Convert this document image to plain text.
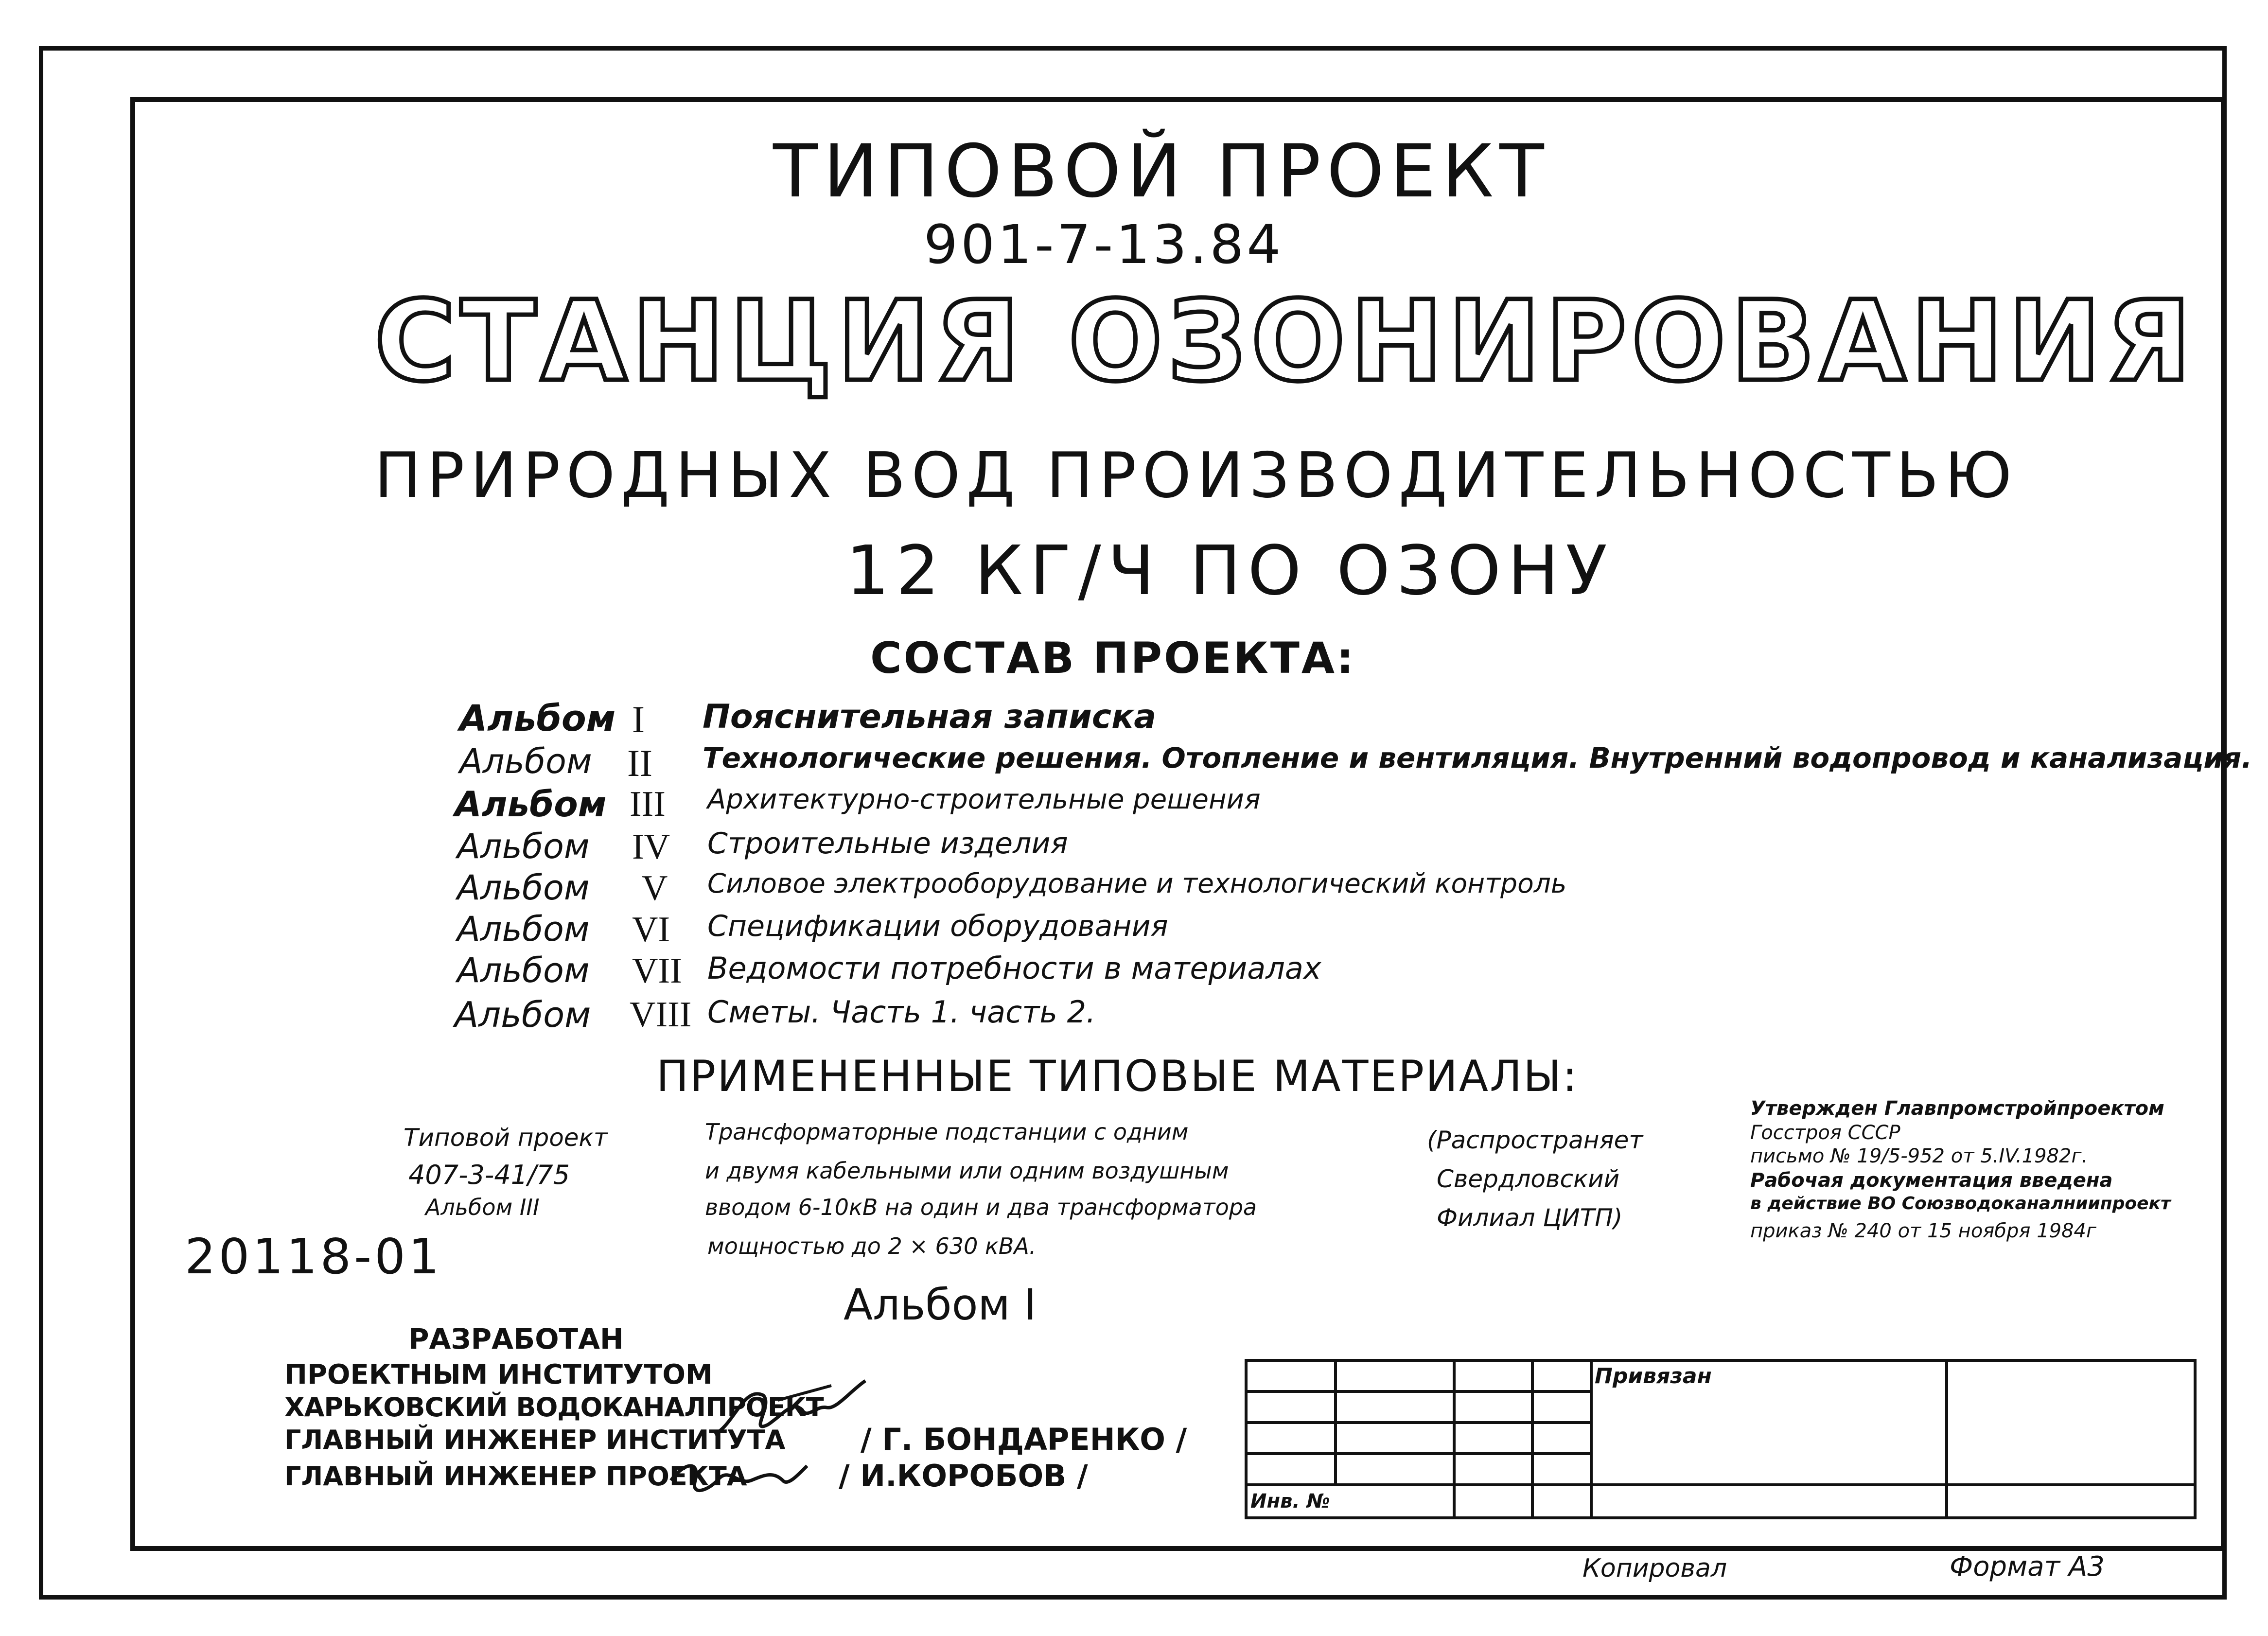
ТИПОВОЙ ПРОЕКТ
901-7-13.84
СТАНЦИЯ ОЗОНИРОВАНИЯ
ПРИРОДНЫХ ВОД ПРОИЗВОДИТЕЛЬНОСТЬЮ
12 КГ/Ч ПО ОЗОНУ
СОСТАВ ПРОЕКТА:
Альбом I Пояснительная записка
Альбом II Технологические решения. Отопление и вентиляция. Внутренний водопровод и канализация.
Альбом III Архитектурно-строительные решения
Альбом IV Строительные изделия
Альбом V Силовое электрооборудование и технологический контроль
Альбом VI Спецификации оборудования
Альбом VII Ведомости потребности в материалах
Альбом VIII Сметы. Часть 1. часть 2.
ПРИМЕНЕННЫЕ ТИПОВЫЕ МАТЕРИАЛЫ:
Типовой проект
407-3-41/75
Альбом III
Трансформаторные подстанции с одним
и двумя кабельными или одним воздушным
вводом 6-10кВ на один и два трансформатора
мощностью до 2 × 630 кВА.
(Распространяет
Свердловский
Филиал ЦИТП)
Утвержден Главпромстройпроектом
Госстроя СССР
письмо № 19/5-952 от 5.IV.1982г.
Рабочая документация введена
в действие ВО Союзводоканалниипроект
приказ № 240 от 15 ноября 1984г
20118-01
Альбом I
РАЗРАБОТАН
ПРОЕКТНЫМ ИНСТИТУТОМ
ХАРЬКОВСКИЙ ВОДОКАНАЛПРОЕКТ
ГЛАВНЫЙ ИНЖЕНЕР ИНСТИТУТА
ГЛАВНЫЙ ИНЖЕНЕР ПРОЕКТА
/ Г. БОНДАРЕНКО /
/ И.КОРОБОВ /

				Привязан	

Инв. №					
Копировал	Формат А3
